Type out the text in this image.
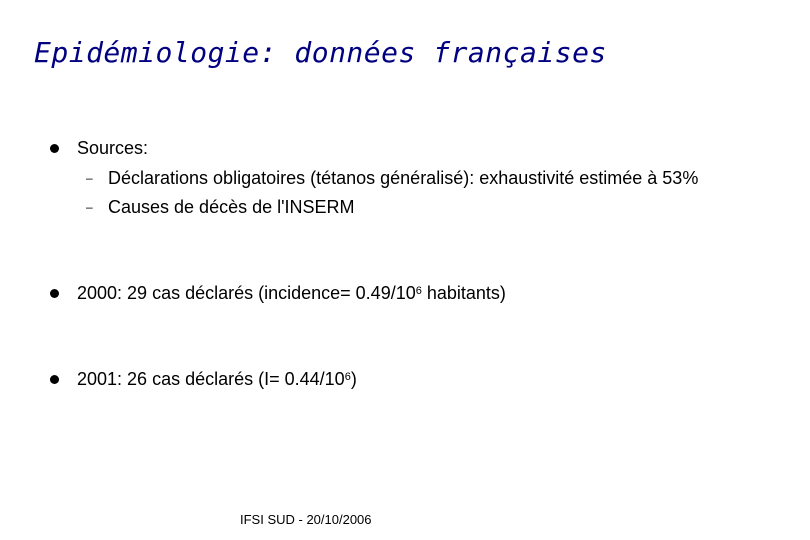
Epidémiologie: données françaises
Sources:
– Déclarations obligatoires (tétanos généralisé): exhaustivité estimée à 53%
– Causes de décès de l'INSERM
2000: 29 cas déclarés (incidence= $0.49/10^6$ habitants)
2001: 26 cas déclarés $(I= 0.44/10^6)$
IFSI SUD - 20/10/2006
